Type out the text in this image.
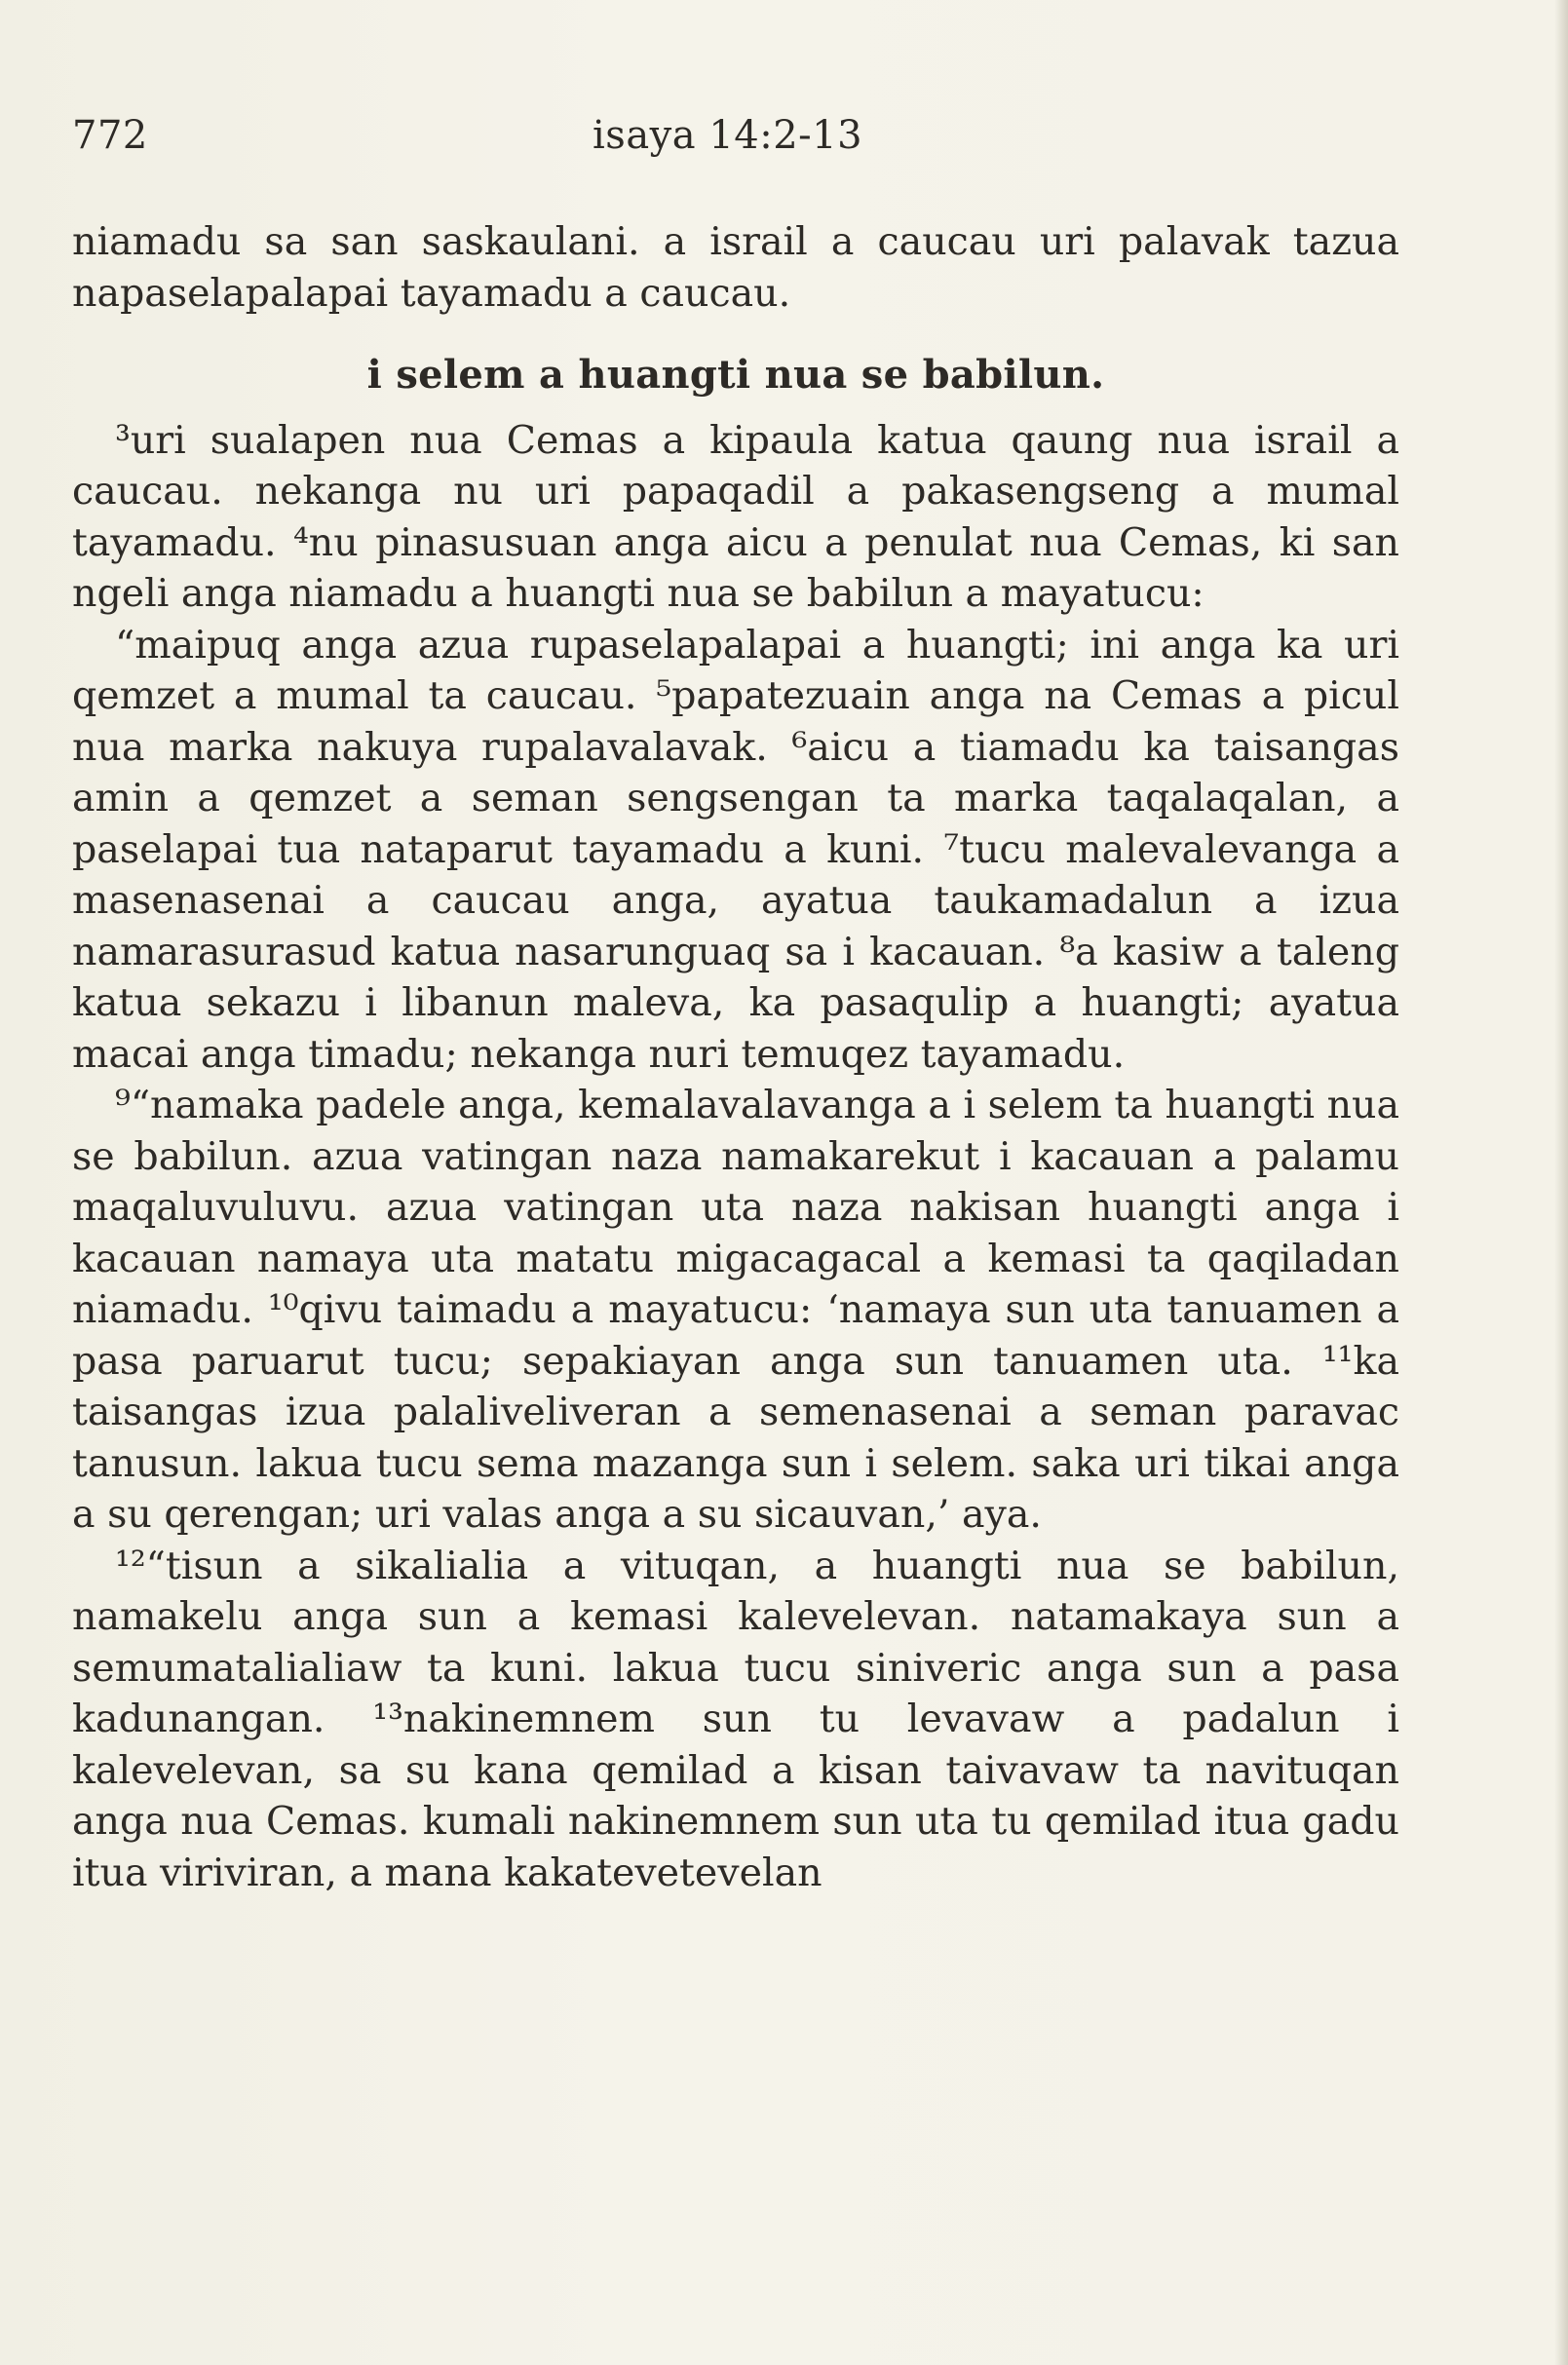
772	isaya 14:2-13

niamadu sa san saskaulani. a israil a caucau uri palavak tazua napaselapalapai tayamadu a caucau.

i selem a huangti nua se babilun.

³uri sualapen nua Cemas a kipaula katua qaung nua israil a caucau. nekanga nu uri papaqadil a pakasengseng a mumal tayamadu. ⁴nu pinasusuan anga aicu a penulat nua Cemas, ki san ngeli anga niamadu a huangti nua se babilun a mayatucu:

“maipuq anga azua rupaselapalapai a huangti; ini anga ka uri qemzet a mumal ta caucau. ⁵papatezuain anga na Cemas a picul nua marka nakuya rupalavalavak. ⁶aicu a tiamadu ka taisangas amin a qemzet a seman sengsengan ta marka taqalaqalan, a paselapai tua nataparut tayamadu a kuni. ⁷tucu malevalevanga a masenasenai a caucau anga, ayatua taukamadalun a izua namarasurasud katua nasarunguaq sa i kacauan. ⁸a kasiw a taleng katua sekazu i libanun maleva, ka pasaqulip a huangti; ayatua macai anga timadu; nekanga nuri temuqez tayamadu.

⁹“namaka padele anga, kemalavalavanga a i selem ta huangti nua se babilun. azua vatingan naza namakarekut i kacauan a palamu maqaluvuluvu. azua vatingan uta naza nakisan huangti anga i kacauan namaya uta matatu migacagacal a kemasi ta qaqiladan niamadu. ¹⁰qivu taimadu a mayatucu: ‘namaya sun uta tanuamen a pasa paruarut tucu; sepakiayan anga sun tanuamen uta. ¹¹ka taisangas izua palaliveliveran a semenasenai a seman paravac tanusun. lakua tucu sema mazanga sun i selem. saka uri tikai anga a su qerengan; uri valas anga a su sicauvan,’ aya.

¹²“tisun a sikalialia a vituqan, a huangti nua se babilun, namakelu anga sun a kemasi kalevelevan. natamakaya sun a semumatalialiaw ta kuni. lakua tucu siniveric anga sun a pasa kadunangan. ¹³nakinemnem sun tu levavaw a padalun i kalevelevan, sa su kana qemilad a kisan taivavaw ta navituqan anga nua Cemas. kumali nakinemnem sun uta tu qemilad itua gadu itua viriviran, a mana kakatevetevelan
